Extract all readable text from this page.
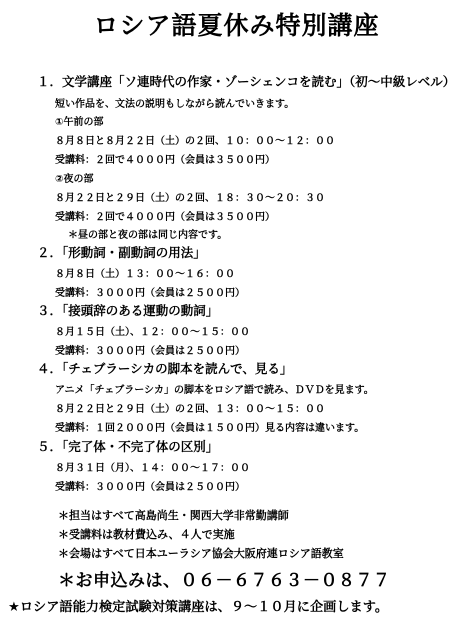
ロシア語夏休み特別講座
１．文学講座「ソ連時代の作家・ゾーシェンコを読む」（初～中級レベル）
短い作品を、文法の説明もしながら読んでいきます。
①午前の部
８月８日と８月２２日（土）の２回、１０：００～１２：００
受講料：２回で４０００円（会員は３５００円）
②夜の部
８月２２日と２９日（土）の２回、１８：３０～２０：３０
受講料：２回で４０００円（会員は３５００円）
＊昼の部と夜の部は同じ内容です。
２．「形動詞・副動詞の用法」
８月８日（土）１３：００～１６：００
受講料：３０００円（会員は２５００円）
３．「接頭辞のある運動の動詞」
８月１５日（土）、１２：００～１５：００
受講料：３０００円（会員は２５００円）
４．「チェブラーシカの脚本を読んで、見る」
アニメ「チェブラーシカ」の脚本をロシア語で読み、ＤＶＤを見ます。
８月２２日と２９日（土）の２回、１３：００～１５：００
受講料：１回２０００円（会員は１５００円）見る内容は違います。
５．「完了体・不完了体の区別」
８月３１日（月）、１４：００～１７：００
受講料：３０００円（会員は２５００円）
＊担当はすべて高島尚生・関西大学非常勤講師
＊受講料は教材費込み、４人で実施
＊会場はすべて日本ユーラシア協会大阪府連ロシア語教室
＊お申込みは、０６－６７６３－０８７７
★ロシア語能力検定試験対策講座は、９～１０月に企画します。
